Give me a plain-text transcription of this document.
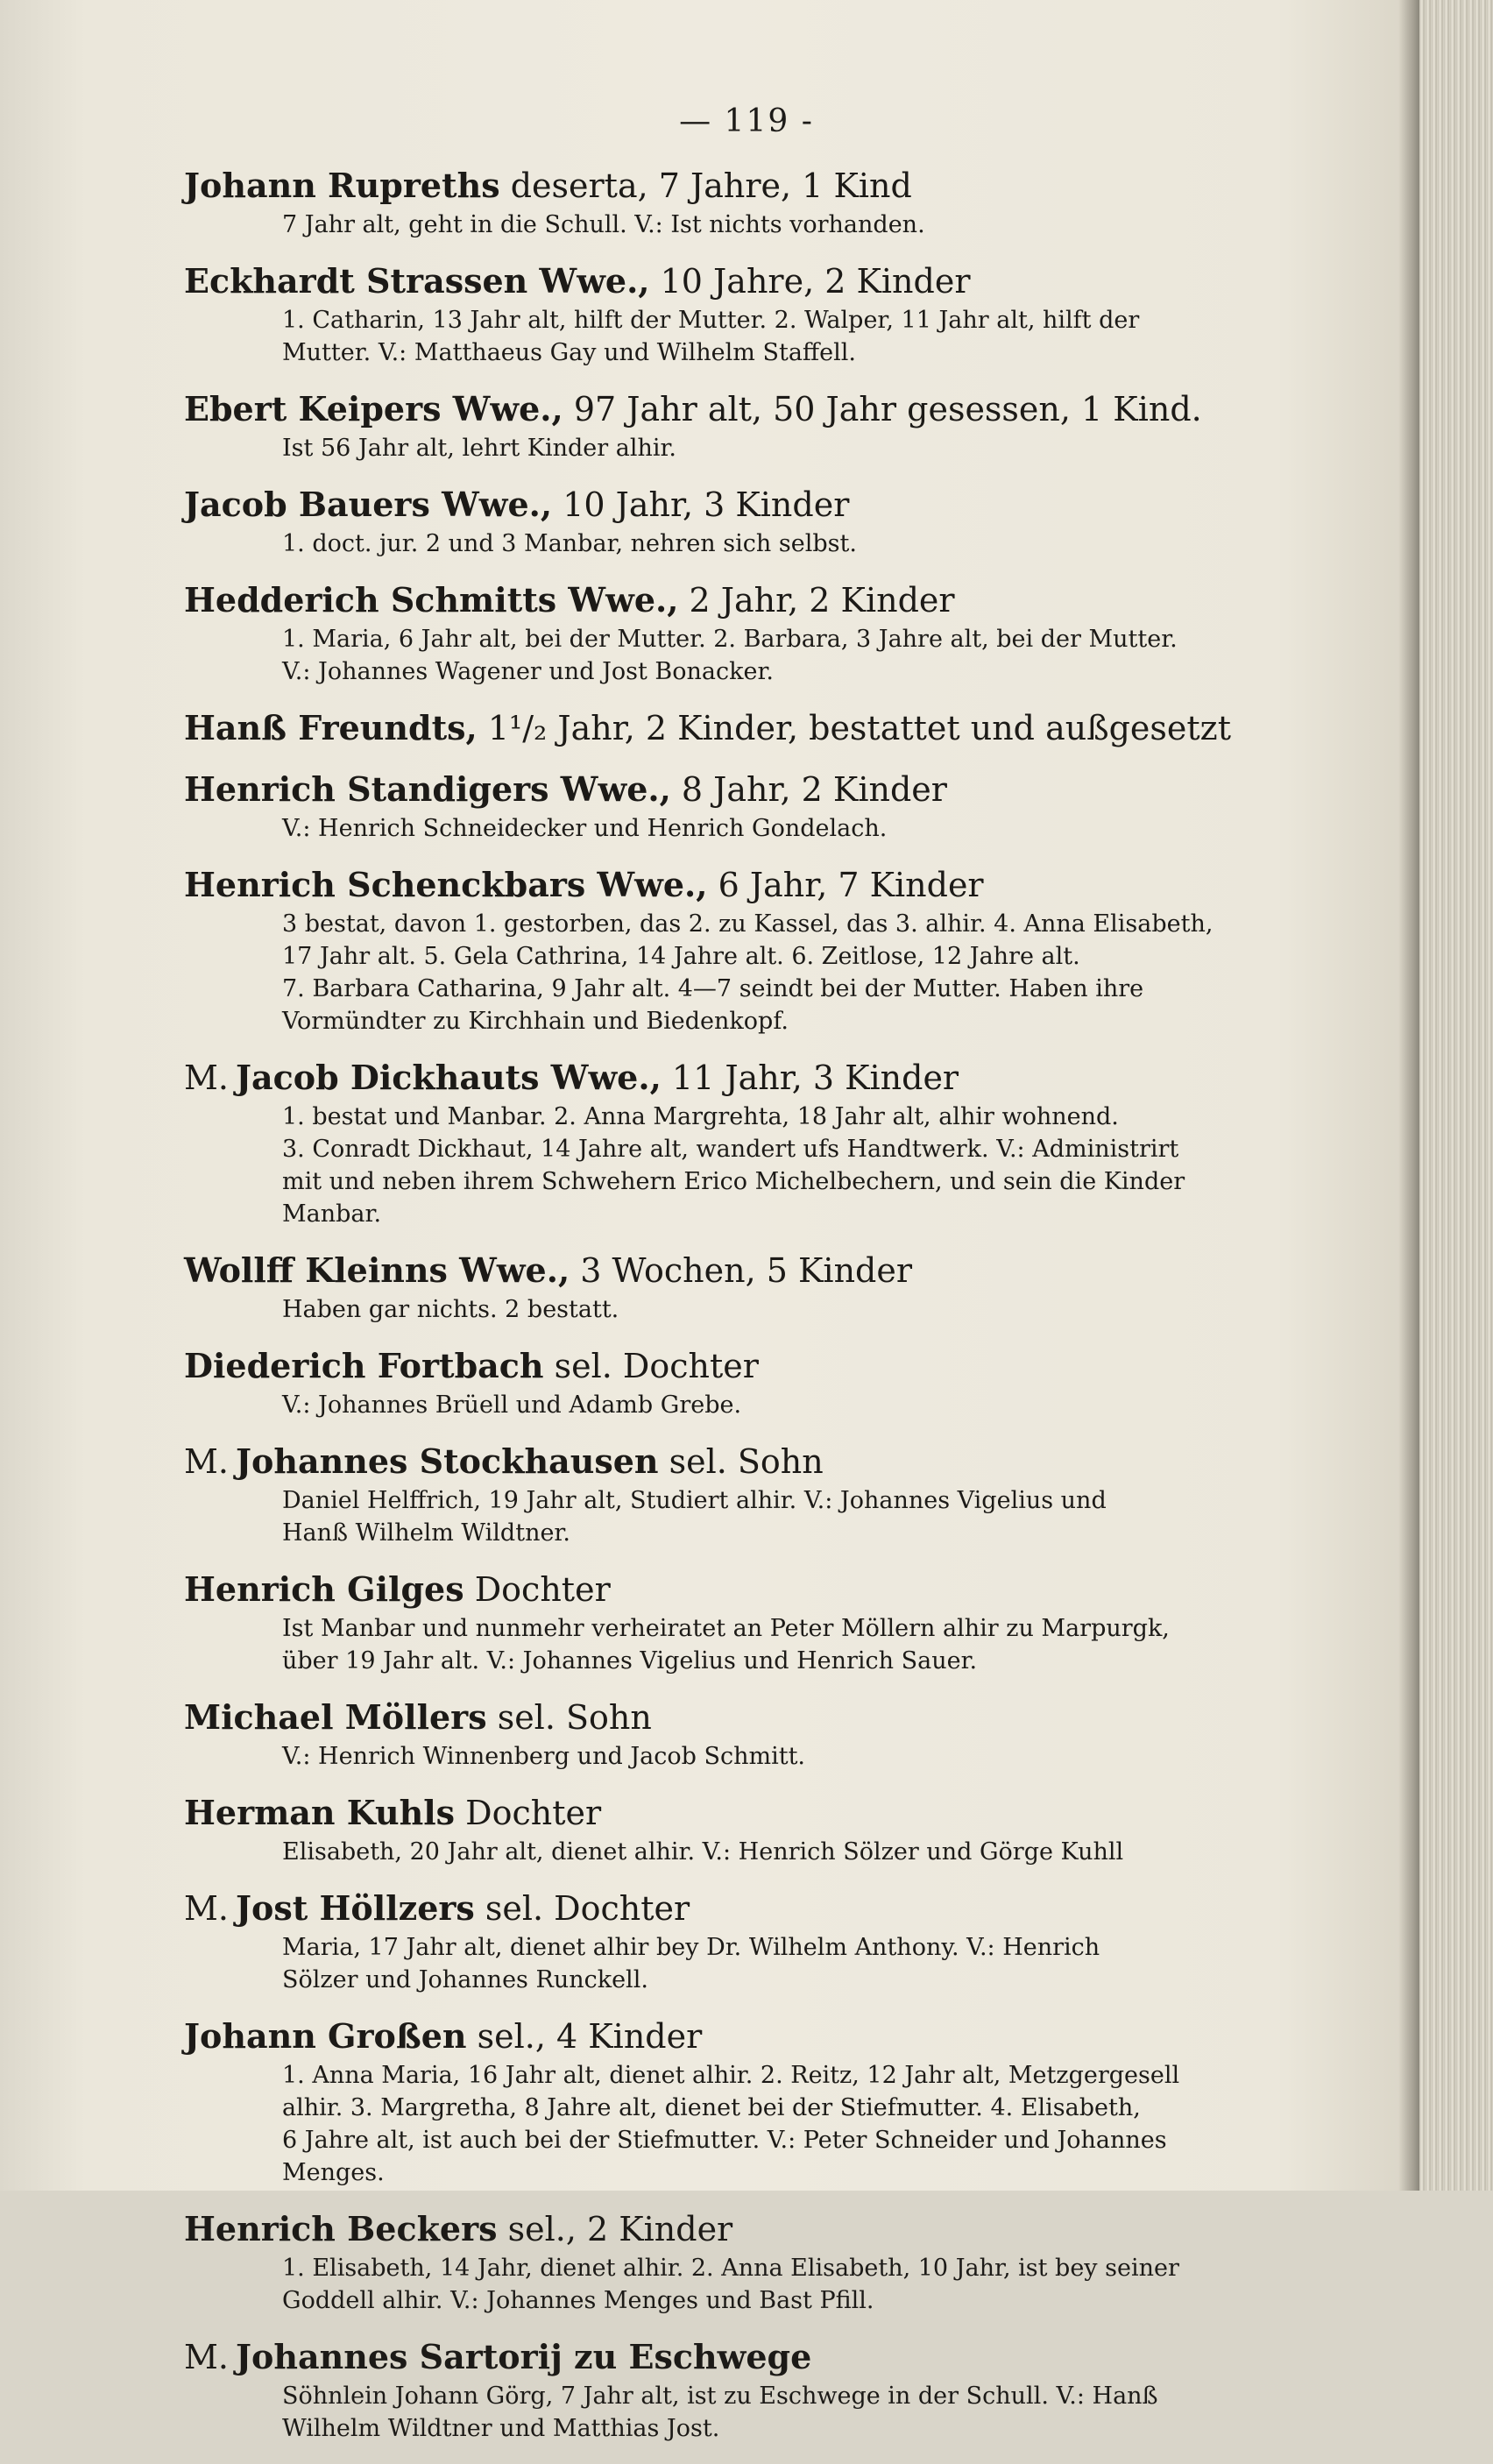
— 119 -
Johann Rupreths deserta, 7 Jahre, 1 Kind
7 Jahr alt, geht in die Schull. V.: Ist nichts vorhanden.
Eckhardt Strassen Wwe., 10 Jahre, 2 Kinder
1. Catharin, 13 Jahr alt, hilft der Mutter. 2. Walper, 11 Jahr alt, hilft der
Mutter. V.: Matthaeus Gay und Wilhelm Staffell.
Ebert Keipers Wwe., 97 Jahr alt, 50 Jahr gesessen, 1 Kind.
Ist 56 Jahr alt, lehrt Kinder alhir.
Jacob Bauers Wwe., 10 Jahr, 3 Kinder
1. doct. jur. 2 und 3 Manbar, nehren sich selbst.
Hedderich Schmitts Wwe., 2 Jahr, 2 Kinder
1. Maria, 6 Jahr alt, bei der Mutter. 2. Barbara, 3 Jahre alt, bei der Mutter.
V.: Johannes Wagener und Jost Bonacker.
Hanß Freundts, 1¹/₂ Jahr, 2 Kinder, bestattet und außgesetzt
Henrich Standigers Wwe., 8 Jahr, 2 Kinder
V.: Henrich Schneidecker und Henrich Gondelach.
Henrich Schenckbars Wwe., 6 Jahr, 7 Kinder
3 bestat, davon 1. gestorben, das 2. zu Kassel, das 3. alhir. 4. Anna Elisabeth,
17 Jahr alt. 5. Gela Cathrina, 14 Jahre alt. 6. Zeitlose, 12 Jahre alt.
7. Barbara Catharina, 9 Jahr alt. 4—7 seindt bei der Mutter. Haben ihre
Vormündter zu Kirchhain und Biedenkopf.
M. Jacob Dickhauts Wwe., 11 Jahr, 3 Kinder
1. bestat und Manbar. 2. Anna Margrehta, 18 Jahr alt, alhir wohnend.
3. Conradt Dickhaut, 14 Jahre alt, wandert ufs Handtwerk. V.: Administrirt
mit und neben ihrem Schwehern Erico Michelbechern, und sein die Kinder
Manbar.
Wollff Kleinns Wwe., 3 Wochen, 5 Kinder
Haben gar nichts. 2 bestatt.
Diederich Fortbach sel. Dochter
V.: Johannes Brüell und Adamb Grebe.
M. Johannes Stockhausen sel. Sohn
Daniel Helffrich, 19 Jahr alt, Studiert alhir. V.: Johannes Vigelius und
Hanß Wilhelm Wildtner.
Henrich Gilges Dochter
Ist Manbar und nunmehr verheiratet an Peter Möllern alhir zu Marpurgk,
über 19 Jahr alt. V.: Johannes Vigelius und Henrich Sauer.
Michael Möllers sel. Sohn
V.: Henrich Winnenberg und Jacob Schmitt.
Herman Kuhls Dochter
Elisabeth, 20 Jahr alt, dienet alhir. V.: Henrich Sölzer und Görge Kuhll
M. Jost Höllzers sel. Dochter
Maria, 17 Jahr alt, dienet alhir bey Dr. Wilhelm Anthony. V.: Henrich
Sölzer und Johannes Runckell.
Johann Großen sel., 4 Kinder
1. Anna Maria, 16 Jahr alt, dienet alhir. 2. Reitz, 12 Jahr alt, Metzgergesell
alhir. 3. Margretha, 8 Jahre alt, dienet bei der Stiefmutter. 4. Elisabeth,
6 Jahre alt, ist auch bei der Stiefmutter. V.: Peter Schneider und Johannes
Menges.
Henrich Beckers sel., 2 Kinder
1. Elisabeth, 14 Jahr, dienet alhir. 2. Anna Elisabeth, 10 Jahr, ist bey seiner
Goddell alhir. V.: Johannes Menges und Bast Pfill.
M. Johannes Sartorij zu Eschwege
Söhnlein Johann Görg, 7 Jahr alt, ist zu Eschwege in der Schull. V.: Hanß
Wilhelm Wildtner und Matthias Jost.
